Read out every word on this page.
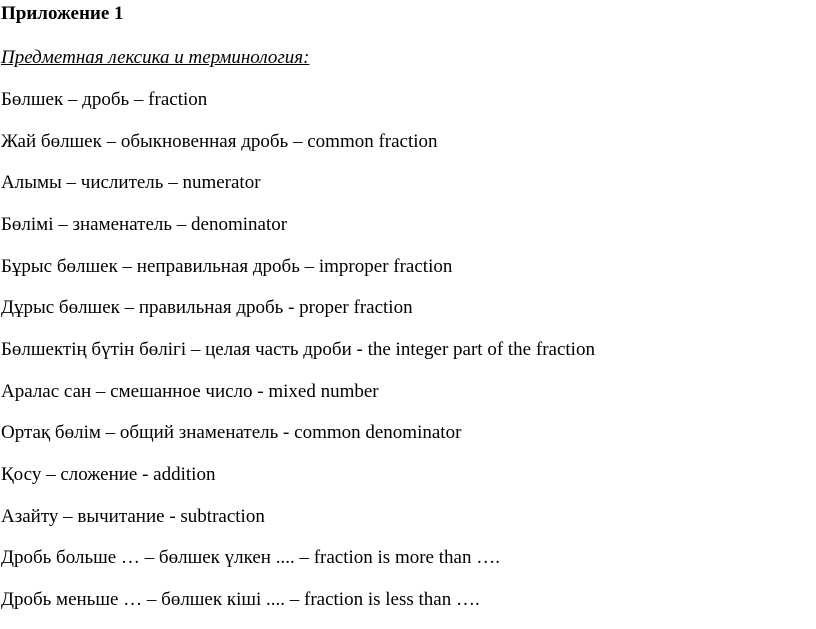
Приложение 1
Предметная лексика и терминология:
Бөлшек – дробь – fraction
Жай бөлшек – обыкновенная дробь – common fraction
Алымы – числитель – numerator
Бөлімі – знаменатель – denominator
Бұрыс бөлшек – неправильная дробь – improper fraction
Дұрыс бөлшек – правильная дробь - proper fraction
Бөлшектің бүтін бөлігі – целая часть дроби - the integer part of the fraction
Аралас сан – смешанное число - mixed number
Ортақ бөлім – общий знаменатель - common denominator
Қосу – сложение - addition
Азайту – вычитание - subtraction
Дробь больше … – бөлшек үлкен .... – fraction is more than ….
Дробь меньше … – бөлшек кіші .... – fraction is less than ….
